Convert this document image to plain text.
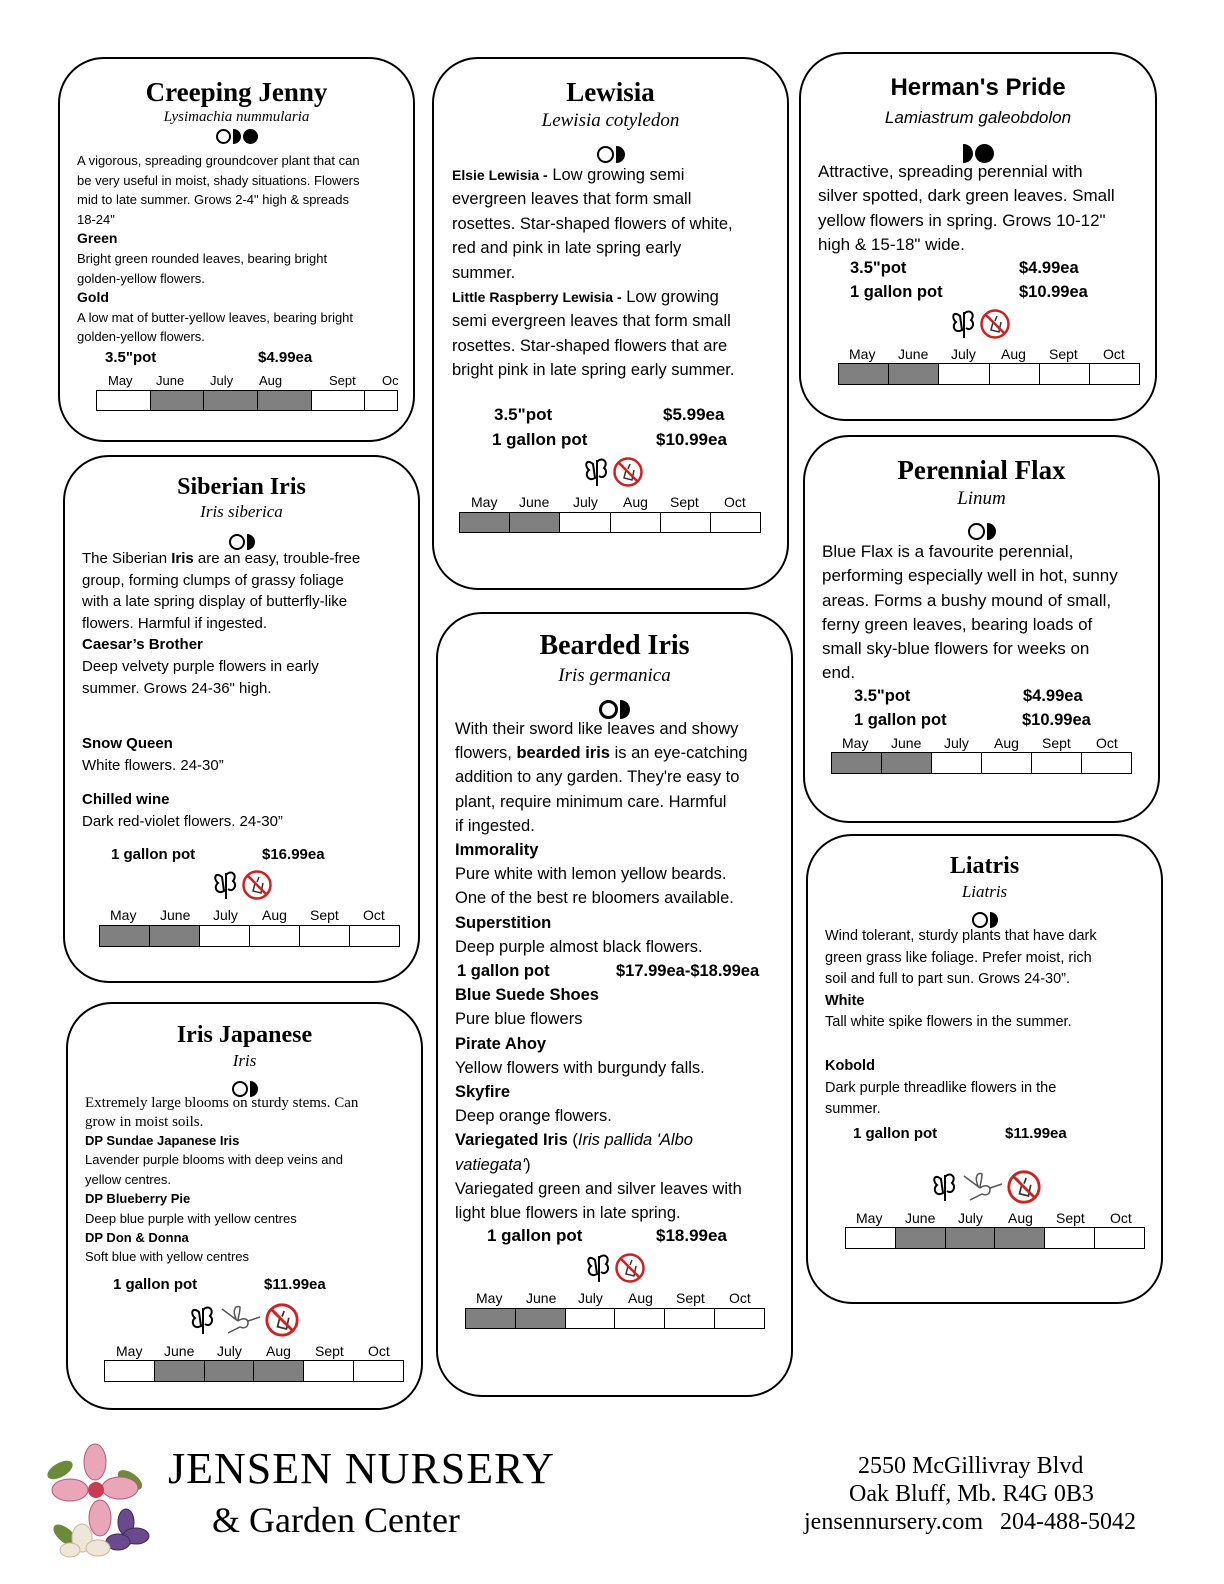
Creeping Jenny
Lysimachia nummularia
A vigorous, spreading groundcover plant that can
be very useful in moist, shady situations. Flowers
mid to late summer. Grows 2-4" high & spreads
18-24"
Green
Bright green rounded leaves, bearing bright
golden-yellow flowers.
Gold
A low mat of butter-yellow leaves, bearing bright
golden-yellow flowers.
3.5"pot	$4.99ea
May June July Aug	Sept Oc
Lewisia
Lewisia cotyledon
Elsie Lewisia - Low growing semi
evergreen leaves that form small
rosettes. Star-shaped flowers of white,
red and pink in late spring early
summer.
Little Raspberry Lewisia - Low growing
semi evergreen leaves that form small
rosettes. Star-shaped flowers that are
bright pink in late spring early summer.
3.5"pot	$5.99ea
1 gallon pot	$10.99ea
May June July Aug Sept Oct
Herman's Pride
Lamiastrum galeobdolon
Attractive, spreading perennial with
silver spotted, dark green leaves. Small
yellow flowers in spring. Grows 10-12"
high & 15-18" wide.
3.5"pot	$4.99ea
1 gallon pot	$10.99ea
May June July Aug Sept Oct
Perennial Flax
Linum
Blue Flax is a favourite perennial,
performing especially well in hot, sunny
areas. Forms a bushy mound of small,
ferny green leaves, bearing loads of
small sky-blue flowers for weeks on
end.
3.5"pot	$4.99ea
1 gallon pot	$10.99ea
May June July Aug Sept Oct
Siberian Iris
Iris siberica
The Siberian Iris are an easy, trouble-free
group, forming clumps of grassy foliage
with a late spring display of butterfly-like
flowers. Harmful if ingested.
Caesar’s Brother
Deep velvety purple flowers in early
summer. Grows 24-36" high.
Snow Queen
White flowers. 24-30”
Chilled wine
Dark red-violet flowers. 24-30”
1 gallon pot	$16.99ea
May June July Aug Sept Oct
Bearded Iris
Iris germanica
With their sword like leaves and showy
flowers, bearded iris is an eye-catching
addition to any garden. They're easy to
plant, require minimum care. Harmful
if ingested.
Immorality
Pure white with lemon yellow beards.
One of the best re bloomers available.
Superstition
Deep purple almost black flowers.
1 gallon pot	$17.99ea-$18.99ea
Blue Suede Shoes
Pure blue flowers
Pirate Ahoy
Yellow flowers with burgundy falls.
Skyfire
Deep orange flowers.
Variegated Iris (Iris pallida 'Albo
vatiegata')
Variegated green and silver leaves with
light blue flowers in late spring.
1 gallon pot	$18.99ea
May June July Aug Sept Oct
Liatris
Liatris
Wind tolerant, sturdy plants that have dark
green grass like foliage. Prefer moist, rich
soil and full to part sun. Grows 24-30”.
White
Tall white spike flowers in the summer.
Kobold
Dark purple threadlike flowers in the
summer.
1 gallon pot	$11.99ea
May June July Aug Sept Oct
Iris Japanese
Iris
Extremely large blooms on sturdy stems. Can
grow in moist soils.
DP Sundae Japanese Iris
Lavender purple blooms with deep veins and
yellow centres.
DP Blueberry Pie
Deep blue purple with yellow centres
DP Don & Donna
Soft blue with yellow centres
1 gallon pot	$11.99ea
May June July Aug Sept Oct
JENSEN NURSERY
& Garden Center
2550 McGillivray Blvd
Oak Bluff, Mb. R4G 0B3
jensennursery.com 204-488-5042
